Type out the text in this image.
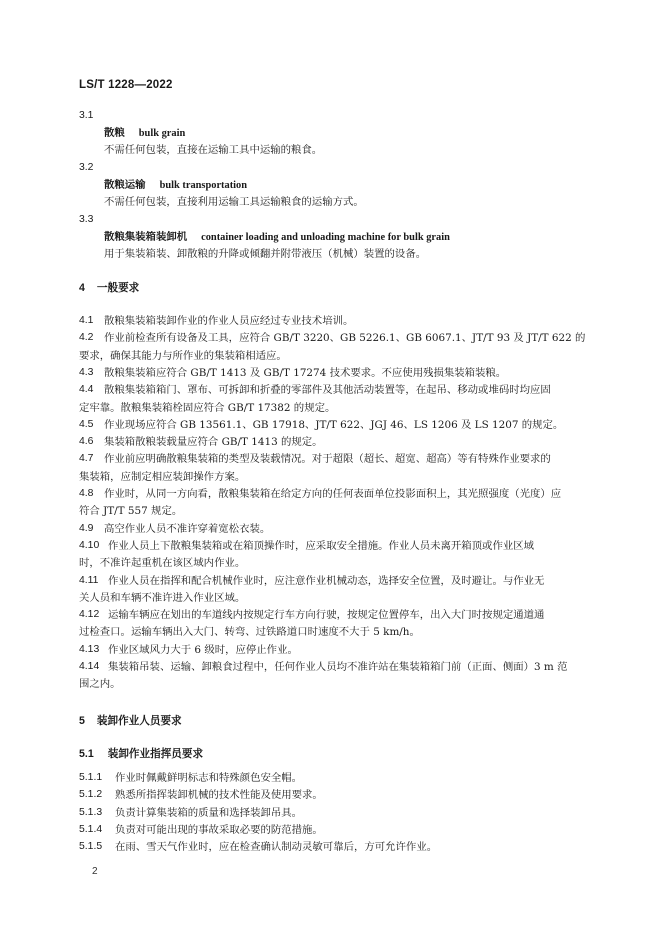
LS/T 1228—2022
3.1
散粮 bulk grain
不需任何包装，直接在运输工具中运输的粮食。
3.2
散粮运输 bulk transportation
不需任何包装，直接利用运输工具运输粮食的运输方式。
3.3
散粮集装箱装卸机 container loading and unloading machine for bulk grain
用于集装箱装、卸散粮的升降或倾翻并附带液压（机械）装置的设备。
4 一般要求
4.1 散粮集装箱装卸作业的作业人员应经过专业技术培训。
4.2 作业前检查所有设备及工具，应符合 GB/T 3220、GB 5226.1、GB 6067.1、JT/T 93 及 JT/T 622 的
要求，确保其能力与所作业的集装箱相适应。
4.3 散粮集装箱应符合 GB/T 1413 及 GB/T 17274 技术要求。不应使用残损集装箱装粮。
4.4 散粮集装箱箱门、罩布、可拆卸和折叠的零部件及其他活动装置等，在起吊、移动或堆码时均应固
定牢靠。散粮集装箱栓固应符合 GB/T 17382 的规定。
4.5 作业现场应符合 GB 13561.1、GB 17918、JT/T 622、JGJ 46、LS 1206 及 LS 1207 的规定。
4.6 集装箱散粮装载量应符合 GB/T 1413 的规定。
4.7 作业前应明确散粮集装箱的类型及装载情况。对于超限（超长、超宽、超高）等有特殊作业要求的
集装箱，应制定相应装卸操作方案。
4.8 作业时，从同一方向看，散粮集装箱在给定方向的任何表面单位投影面积上，其光照强度（光度）应
符合 JT/T 557 规定。
4.9 高空作业人员不准许穿着宽松衣装。
4.10 作业人员上下散粮集装箱或在箱顶操作时，应采取安全措施。作业人员未离开箱顶或作业区域
时，不准许起重机在该区域内作业。
4.11 作业人员在指挥和配合机械作业时，应注意作业机械动态，选择安全位置，及时避让。与作业无
关人员和车辆不准许进入作业区域。
4.12 运输车辆应在划出的车道线内按规定行车方向行驶，按规定位置停车，出入大门时按规定通道通
过检查口。运输车辆出入大门、转弯、过铁路道口时速度不大于 5 km/h。
4.13 作业区域风力大于 6 级时，应停止作业。
4.14 集装箱吊装、运输、卸粮食过程中，任何作业人员均不准许站在集装箱箱门前（正面、侧面）3 m 范
围之内。
5 装卸作业人员要求
5.1 装卸作业指挥员要求
5.1.1 作业时佩戴鲜明标志和特殊颜色安全帽。
5.1.2 熟悉所指挥装卸机械的技术性能及使用要求。
5.1.3 负责计算集装箱的质量和选择装卸吊具。
5.1.4 负责对可能出现的事故采取必要的防范措施。
5.1.5 在雨、雪天气作业时，应在检查确认制动灵敏可靠后，方可允许作业。
2
